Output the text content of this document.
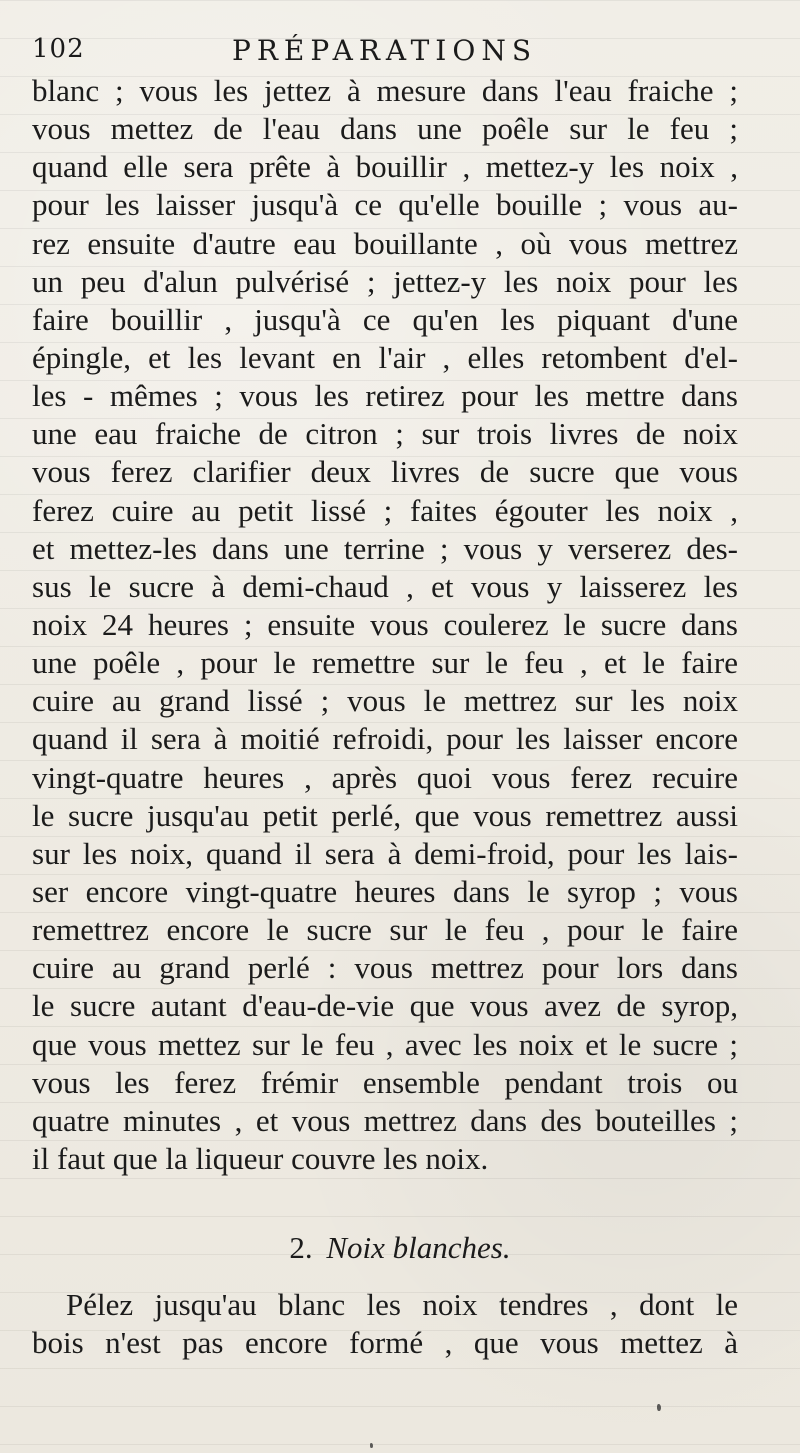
102	PRÉPARATIONS
blanc ; vous les jettez à mesure dans l'eau fraiche ;
vous mettez de l'eau dans une poêle sur le feu ;
quand elle sera prête à bouillir , mettez-y les noix ,
pour les laisser jusqu'à ce qu'elle bouille ; vous au-
rez ensuite d'autre eau bouillante , où vous mettrez
un peu d'alun pulvérisé ; jettez-y les noix pour les
faire bouillir , jusqu'à ce qu'en les piquant d'une
épingle, et les levant en l'air , elles retombent d'el-
les - mêmes ; vous les retirez pour les mettre dans
une eau fraiche de citron ; sur trois livres de noix
vous ferez clarifier deux livres de sucre que vous
ferez cuire au petit lissé ; faites égouter les noix ,
et mettez-les dans une terrine ; vous y verserez des-
sus le sucre à demi-chaud , et vous y laisserez les
noix 24 heures ; ensuite vous coulerez le sucre dans
une poêle , pour le remettre sur le feu , et le faire
cuire au grand lissé ; vous le mettrez sur les noix
quand il sera à moitié refroidi, pour les laisser encore
vingt-quatre heures , après quoi vous ferez recuire
le sucre jusqu'au petit perlé, que vous remettrez aussi
sur les noix, quand il sera à demi-froid, pour les lais-
ser encore vingt-quatre heures dans le syrop ; vous
remettrez encore le sucre sur le feu , pour le faire
cuire au grand perlé : vous mettrez pour lors dans
le sucre autant d'eau-de-vie que vous avez de syrop,
que vous mettez sur le feu , avec les noix et le sucre ;
vous les ferez frémir ensemble pendant trois ou
quatre minutes , et vous mettrez dans des bouteilles ;
il faut que la liqueur couvre les noix.
2. Noix blanches.
Pélez jusqu'au blanc les noix tendres , dont le
bois n'est pas encore formé , que vous mettez à
